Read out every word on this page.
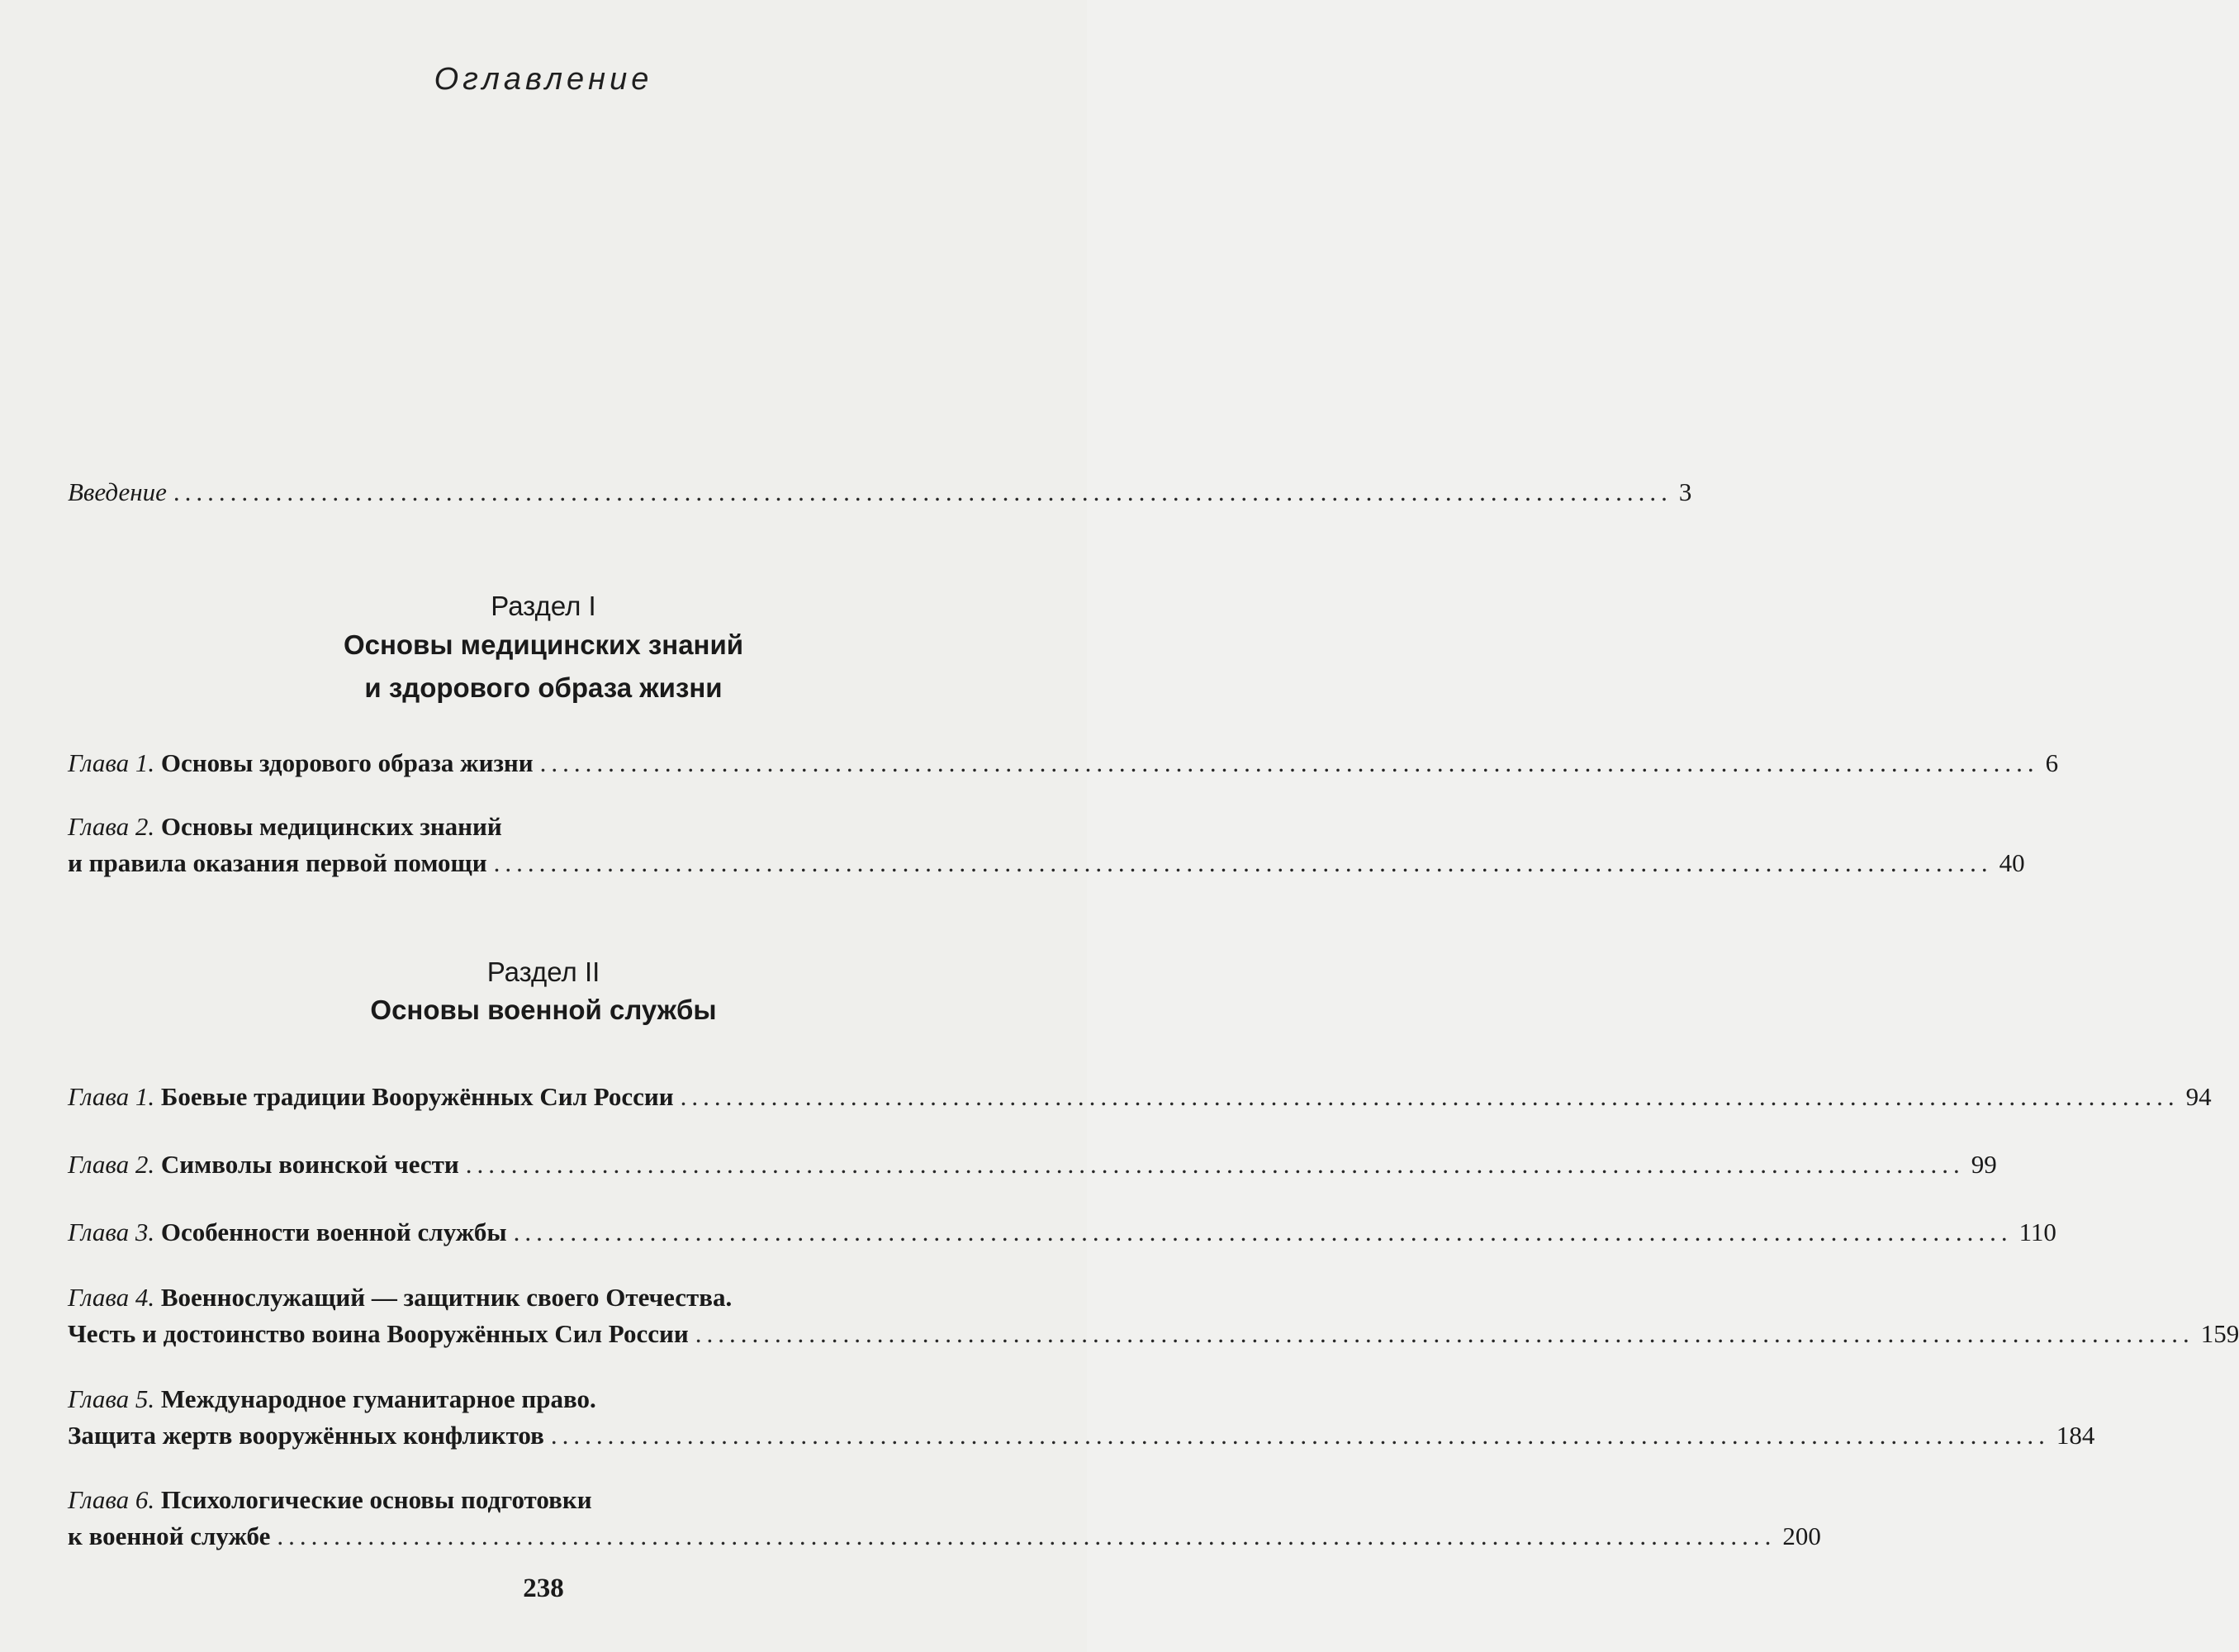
Оглавление
Введение .................................................................................................................................... 3
Раздел I
Основы медицинских знаний
и здорового образа жизни
Глава 1. Основы здорового образа жизни .................................................................................................................................... 6
Глава 2. Основы медицинских знаний
и правила оказания первой помощи .................................................................................................................................... 40
Раздел II
Основы военной службы
Глава 1. Боевые традиции Вооружённых Сил России .................................................................................................................................... 94
Глава 2. Символы воинской чести .................................................................................................................................... 99
Глава 3. Особенности военной службы .................................................................................................................................... 110
Глава 4. Военнослужащий — защитник своего Отечества.
Честь и достоинство воина Вооружённых Сил России .................................................................................................................................... 159
Глава 5. Международное гуманитарное право.
Защита жертв вооружённых конфликтов .................................................................................................................................... 184
Глава 6. Психологические основы подготовки
к военной службе .................................................................................................................................... 200
238
